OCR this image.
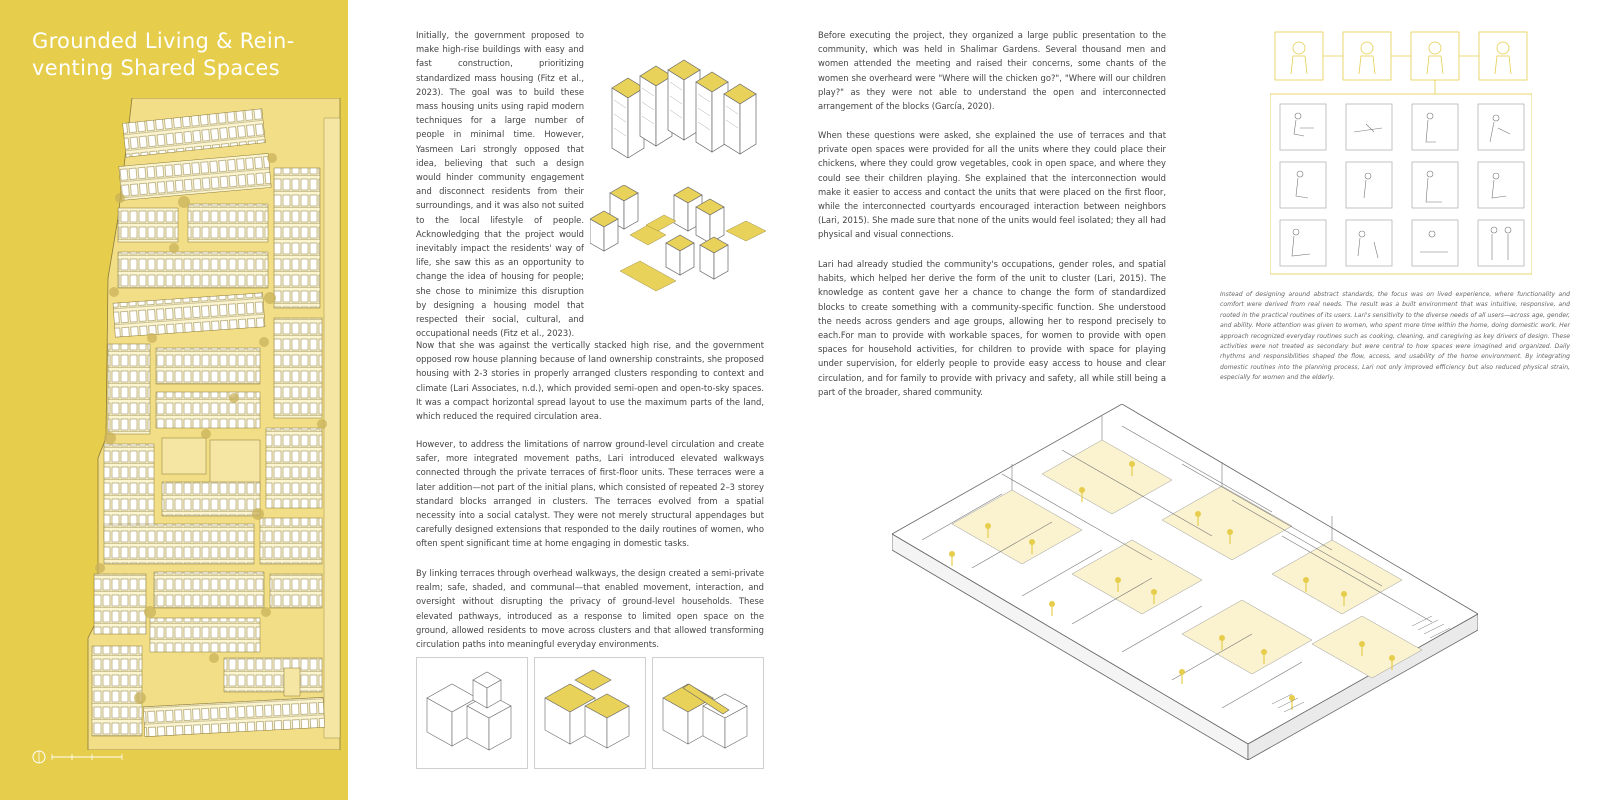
Grounded Living & Rein-
venting Shared Spaces

Initially, the government proposed to make high-rise buildings with easy and fast construction, prioritizing standardized mass housing (Fitz et al., 2023). The goal was to build these mass housing units using rapid modern techniques for a large number of people in minimal time. However, Yasmeen Lari strongly opposed that idea, believing that such a design would hinder community engagement and disconnect residents from their surroundings, and it was also not suited to the local lifestyle of people. Acknowledging that the project would inevitably impact the residents' way of life, she saw this as an opportunity to change the idea of housing for people; she chose to minimize this disruption by designing a housing model that respected their social, cultural, and occupational needs (Fitz et al., 2023).

Now that she was against the vertically stacked high rise, and the government opposed row house planning because of land ownership constraints, she proposed housing with 2-3 stories in properly arranged clusters responding to context and climate (Lari Associates, n.d.), which provided semi-open and open-to-sky spaces. It was a compact horizontal spread layout to use the maximum parts of the land, which reduced the required circulation area.

However, to address the limitations of narrow ground-level circulation and create safer, more integrated movement paths, Lari introduced elevated walkways connected through the private terraces of first-floor units. These terraces were a later addition—not part of the initial plans, which consisted of repeated 2–3 storey standard blocks arranged in clusters. The terraces evolved from a spatial necessity into a social catalyst. They were not merely structural appendages but carefully designed extensions that responded to the daily routines of women, who often spent significant time at home engaging in domestic tasks.

By linking terraces through overhead walkways, the design created a semi-private realm; safe, shaded, and communal—that enabled movement, interaction, and oversight without disrupting the privacy of ground-level households. These elevated pathways, introduced as a response to limited open space on the ground, allowed residents to move across clusters and that allowed transforming circulation paths into meaningful everyday environments.

Before executing the project, they organized a large public presentation to the community, which was held in Shalimar Gardens. Several thousand men and women attended the meeting and raised their concerns, some chants of the women she overheard were "Where will the chicken go?", "Where will our children play?" as they were not able to understand the open and interconnected arrangement of the blocks (García, 2020).

When these questions were asked, she explained the use of terraces and that private open spaces were provided for all the units where they could place their chickens, where they could grow vegetables, cook in open space, and where they could see their children playing. She explained that the interconnection would make it easier to access and contact the units that were placed on the first floor, while the interconnected courtyards encouraged interaction between neighbors (Lari, 2015). She made sure that none of the units would feel isolated; they all had physical and visual connections.

Lari had already studied the community's occupations, gender roles, and spatial habits, which helped her derive the form of the unit to cluster (Lari, 2015). The knowledge as content gave her a chance to change the form of standardized blocks to create something with a community-specific function. She understood the needs across genders and age groups, allowing her to respond precisely to each.For man to provide with workable spaces, for women to provide with open spaces for household activities, for children to provide with space for playing under supervision, for elderly people to provide easy access to house and clear circulation, and for family to provide with privacy and safety, all while still being a part of the broader, shared community.

Instead of designing around abstract standards, the focus was on lived experience, where functionality and comfort were derived from real needs. The result was a built environment that was intuitive, responsive, and rooted in the practical routines of its users. Lari's sensitivity to the diverse needs of all users—across age, gender, and ability. More attention was given to women, who spent more time within the home, doing domestic work. Her approach recognized everyday routines such as cooking, cleaning, and caregiving as key drivers of design. These activities were not treated as secondary but were central to how spaces were imagined and organized. Daily rhythms and responsibilities shaped the flow, access, and usability of the home environment. By integrating domestic routines into the planning process, Lari not only improved efficiency but also reduced physical strain, especially for women and the elderly.
